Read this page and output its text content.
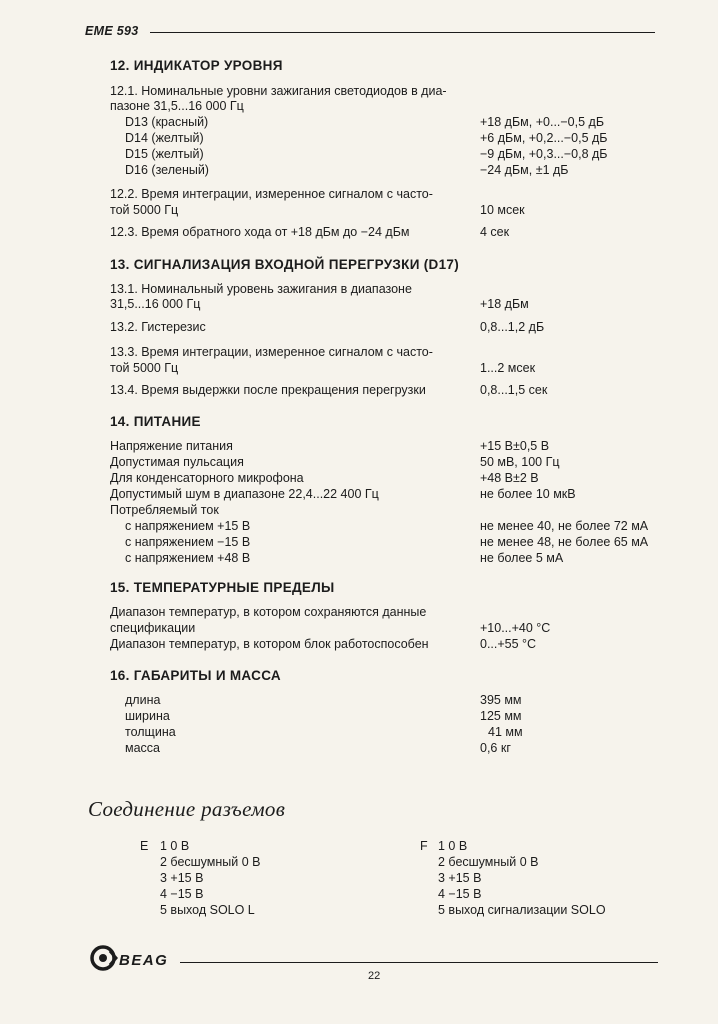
EME 593
12. ИНДИКАТОР УРОВНЯ
12.1. Номинальные уровни зажигания светодиодов в диа-
пазоне 31,5...16 000 Гц
D13 (красный)	+18 дБм, +0...−0,5 дБ
D14 (желтый)	+6 дБм, +0,2...−0,5 дБ
D15 (желтый)	−9 дБм, +0,3...−0,8 дБ
D16 (зеленый)	−24 дБм, ±1 дБ
12.2. Время интеграции, измеренное сигналом с часто-
той 5000 Гц	10 мсек
12.3. Время обратного хода от +18 дБм до −24 дБм	4 сек
13. СИГНАЛИЗАЦИЯ ВХОДНОЙ ПЕРЕГРУЗКИ (D17)
13.1. Номинальный уровень зажигания в диапазоне
31,5...16 000 Гц	+18 дБм
13.2. Гистерезис	0,8...1,2 дБ
13.3. Время интеграции, измеренное сигналом с часто-
той 5000 Гц	1...2 мсек
13.4. Время выдержки после прекращения перегрузки	0,8...1,5 сек
14. ПИТАНИЕ
Напряжение питания	+15 В±0,5 В
Допустимая пульсация	50 мВ, 100 Гц
Для конденсаторного микрофона	+48 В±2 В
Допустимый шум в диапазоне 22,4...22 400 Гц	не более 10 мкВ
Потребляемый ток
с напряжением +15 В	не менее 40, не более 72 мА
с напряжением −15 В	не менее 48, не более 65 мА
с напряжением +48 В	не более 5 мА
15. ТЕМПЕРАТУРНЫЕ ПРЕДЕЛЫ
Диапазон температур, в котором сохраняются данные
спецификации	+10...+40 °С
Диапазон температур, в котором блок работоспособен	0...+55 °С
16. ГАБАРИТЫ И МАССА
длина	395 мм
ширина	125 мм
толщина	41 мм
масса	0,6 кг
Соединение разъемов
E 1 0 B
2 бесшумный 0 В
3 +15 В
4 −15 В
5 выход SOLO L
F 1 0 B
2 бесшумный 0 В
3 +15 В
4 −15 В
5 выход сигнализации SOLO
BEAG
22
